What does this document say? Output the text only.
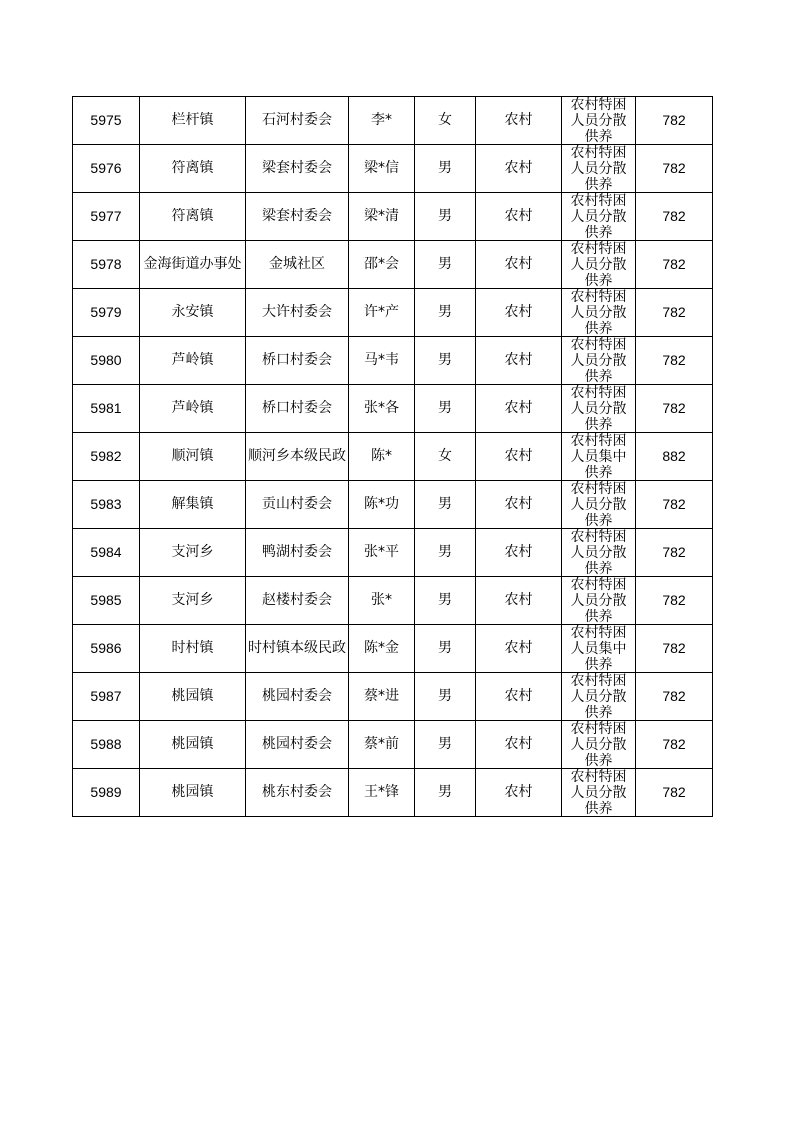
5975	栏杆镇	石河村委会	李*	女	农村	农村特困人员分散供养	782
5976	符离镇	梁套村委会	梁*信	男	农村	农村特困人员分散供养	782
5977	符离镇	梁套村委会	梁*清	男	农村	农村特困人员分散供养	782
5978	金海街道办事处	金城社区	邵*会	男	农村	农村特困人员分散供养	782
5979	永安镇	大许村委会	许*产	男	农村	农村特困人员分散供养	782
5980	芦岭镇	桥口村委会	马*韦	男	农村	农村特困人员分散供养	782
5981	芦岭镇	桥口村委会	张*各	男	农村	农村特困人员分散供养	782
5982	顺河镇	顺河乡本级民政	陈*	女	农村	农村特困人员集中供养	882
5983	解集镇	贡山村委会	陈*功	男	农村	农村特困人员分散供养	782
5984	支河乡	鸭湖村委会	张*平	男	农村	农村特困人员分散供养	782
5985	支河乡	赵楼村委会	张*	男	农村	农村特困人员分散供养	782
5986	时村镇	时村镇本级民政	陈*金	男	农村	农村特困人员集中供养	782
5987	桃园镇	桃园村委会	蔡*进	男	农村	农村特困人员分散供养	782
5988	桃园镇	桃园村委会	蔡*前	男	农村	农村特困人员分散供养	782
5989	桃园镇	桃东村委会	王*锋	男	农村	农村特困人员分散供养	782
